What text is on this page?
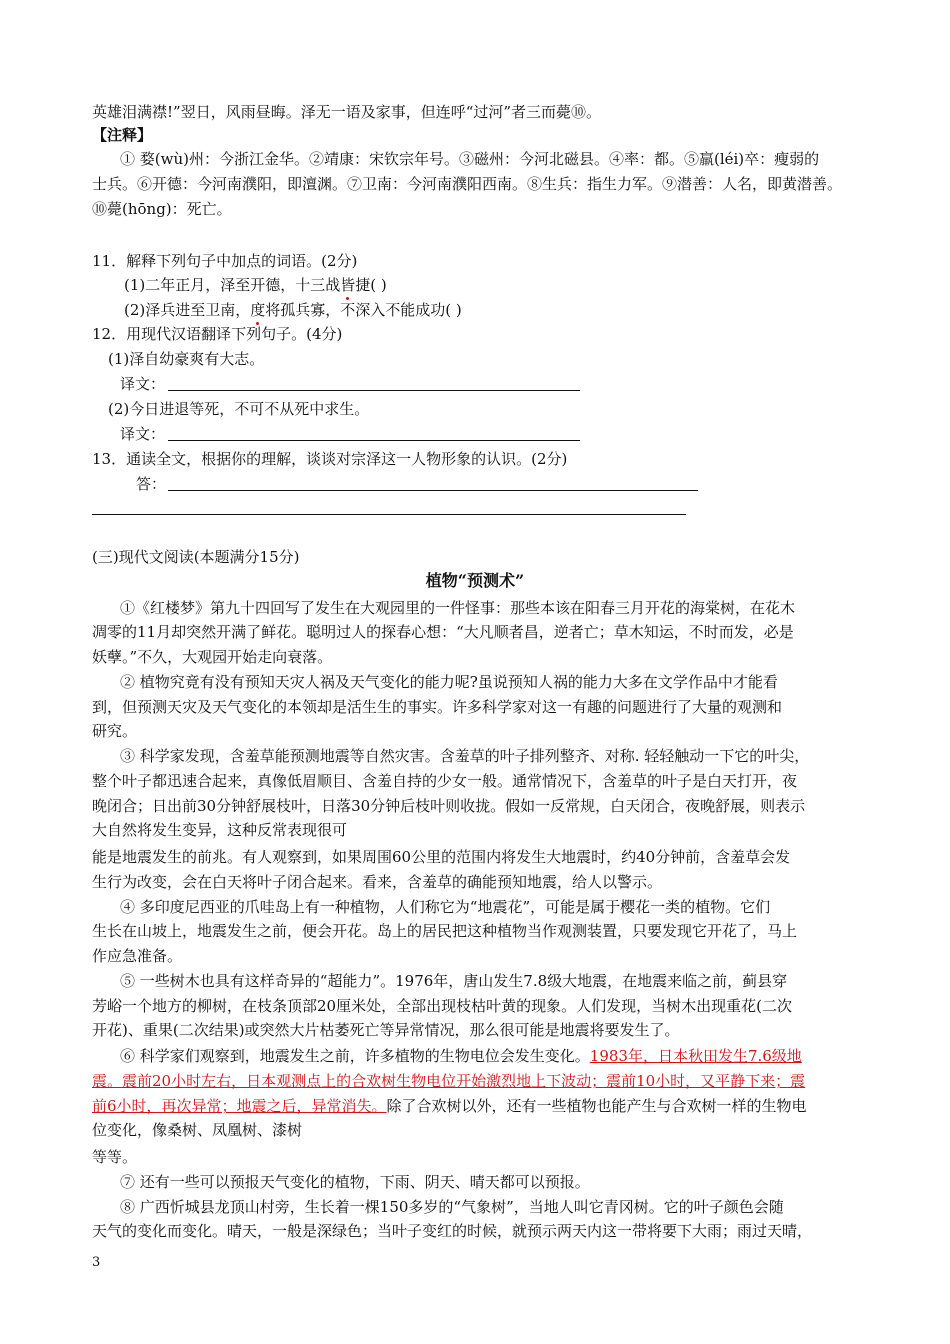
英雄泪满襟!”翌日，风雨昼晦。泽无一语及家事，但连呼“过河”者三而薨⑩。
【注释】
① 婺(wù)州：今浙江金华。②靖康：宋钦宗年号。③磁州：今河北磁县。④率：都。⑤羸(léi)卒：瘦弱的
士兵。⑥开德：今河南濮阳，即澶渊。⑦卫南：今河南濮阳西南。⑧生兵：指生力军。⑨潜善：人名，即黄潜善。
⑩薨(hōng)：死亡。
11．解释下列句子中加点的词语。(2分)
(1)二年正月，泽至开德，十三战皆捷( )
(2)泽兵进至卫南，度将孤兵寡，不深入不能成功( )
12．用现代汉语翻译下列句子。(4分)
(1)泽自幼豪爽有大志。
译文：
(2)今日进退等死，不可不从死中求生。
译文：
13．通读全文，根据你的理解，谈谈对宗泽这一人物形象的认识。(2分)
答：
(三)现代文阅读(本题满分15分)
植物“预测术”
①《红楼梦》第九十四回写了发生在大观园里的一件怪事：那些本该在阳春三月开花的海棠树，在花木
凋零的11月却突然开满了鲜花。聪明过人的探春心想：“大凡顺者昌，逆者亡；草木知运，不时而发，必是
妖孽。”不久，大观园开始走向衰落。
② 植物究竟有没有预知天灾人祸及天气变化的能力呢?虽说预知人祸的能力大多在文学作品中才能看
到，但预测天灾及天气变化的本领却是活生生的事实。许多科学家对这一有趣的问题进行了大量的观测和
研究。
③ 科学家发现，含羞草能预测地震等自然灾害。含羞草的叶子排列整齐、对称. 轻轻触动一下它的叶尖，
整个叶子都迅速合起来，真像低眉顺目、含羞自持的少女一般。通常情况下，含羞草的叶子是白天打开，夜
晚闭合；日出前30分钟舒展枝叶，日落30分钟后枝叶则收拢。假如一反常规，白天闭合，夜晚舒展，则表示
大自然将发生变异，这种反常表现很可
能是地震发生的前兆。有人观察到，如果周围60公里的范围内将发生大地震时，约40分钟前，含羞草会发
生行为改变，会在白天将叶子闭合起来。看来，含羞草的确能预知地震，给人以警示。
④ 多印度尼西亚的爪哇岛上有一种植物，人们称它为“地震花”，可能是属于樱花一类的植物。它们
生长在山坡上，地震发生之前，便会开花。岛上的居民把这种植物当作观测装置，只要发现它开花了，马上
作应急准备。
⑤ 一些树木也具有这样奇异的“超能力”。1976年，唐山发生7.8级大地震，在地震来临之前，蓟县穿
芳峪一个地方的柳树，在枝条顶部20厘米处，全部出现枝枯叶黄的现象。人们发现，当树木出现重花(二次
开花)、重果(二次结果)或突然大片枯萎死亡等异常情况，那么很可能是地震将要发生了。
⑥ 科学家们观察到，地震发生之前，许多植物的生物电位会发生变化。1983年，日本秋田发生7.6级地
震。震前20小时左右，日本观测点上的合欢树生物电位开始激烈地上下波动；震前10小时，又平静下来；震
前6小时，再次异常；地震之后，异常消失。除了合欢树以外，还有一些植物也能产生与合欢树一样的生物电
位变化，像桑树、凤凰树、漆树
等等。
⑦ 还有一些可以预报天气变化的植物，下雨、阴天、晴天都可以预报。
⑧ 广西忻城县龙顶山村旁，生长着一棵150多岁的“气象树”，当地人叫它青冈树。它的叶子颜色会随
天气的变化而变化。晴天，一般是深绿色；当叶子变红的时候，就预示两天内这一带将要下大雨；雨过天晴，
3
